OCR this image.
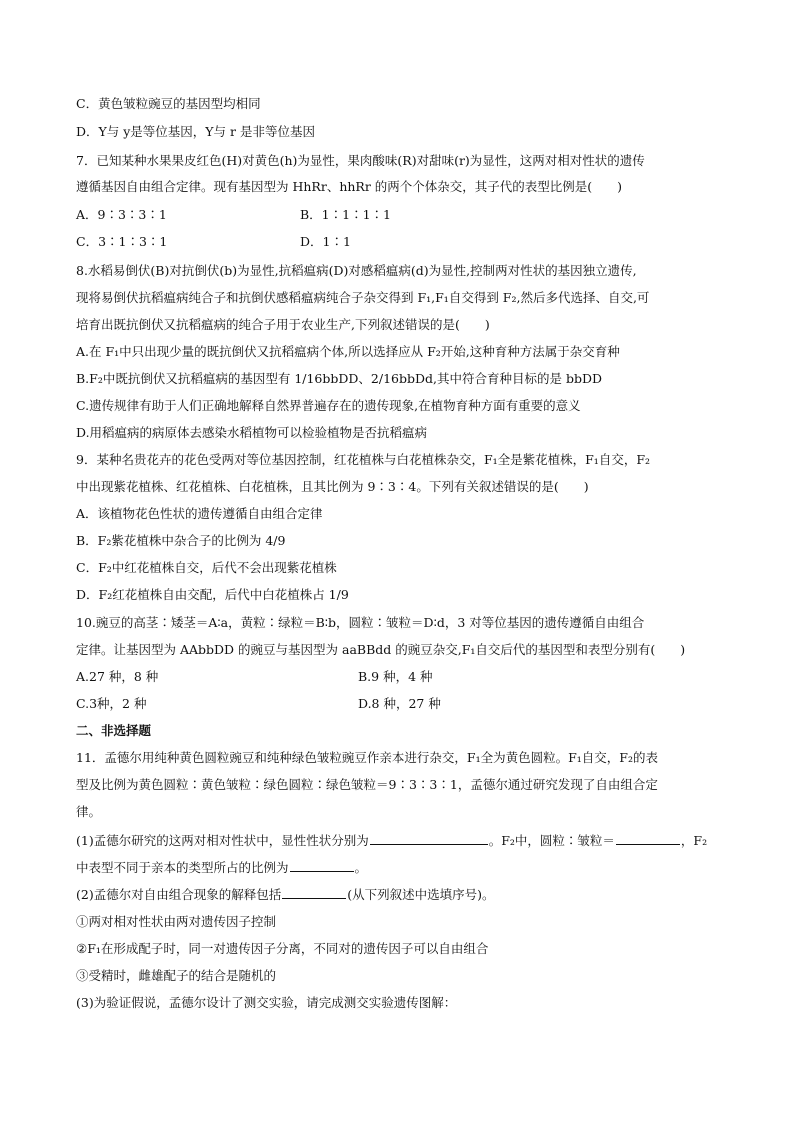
C．黄色皱粒豌豆的基因型均相同
D．Y与 y是等位基因，Y与 r 是非等位基因
7．已知某种水果果皮红色(H)对黄色(h)为显性，果肉酸味(R)对甜味(r)为显性，这两对相对性状的遗传
遵循基因自由组合定律。现有基因型为 HhRr、hhRr 的两个个体杂交，其子代的表型比例是(　　)
A．9∶3∶3∶1	B．1∶1∶1∶1
C．3∶1∶3∶1	D．1∶1
8.水稻易倒伏(B)对抗倒伏(b)为显性,抗稻瘟病(D)对感稻瘟病(d)为显性,控制两对性状的基因独立遗传,
现将易倒伏抗稻瘟病纯合子和抗倒伏感稻瘟病纯合子杂交得到 F₁,F₁自交得到 F₂,然后多代选择、自交,可
培育出既抗倒伏又抗稻瘟病的纯合子用于农业生产,下列叙述错误的是(　　)
A.在 F₁中只出现少量的既抗倒伏又抗稻瘟病个体,所以选择应从 F₂开始,这种育种方法属于杂交育种
B.F₂中既抗倒伏又抗稻瘟病的基因型有 1/16bbDD、2/16bbDd,其中符合育种目标的是 bbDD
C.遗传规律有助于人们正确地解释自然界普遍存在的遗传现象,在植物育种方面有重要的意义
D.用稻瘟病的病原体去感染水稻植物可以检验植物是否抗稻瘟病
9．某种名贵花卉的花色受两对等位基因控制，红花植株与白花植株杂交，F₁全是紫花植株，F₁自交，F₂
中出现紫花植株、红花植株、白花植株，且其比例为 9∶3∶4。下列有关叙述错误的是(　　)
A．该植物花色性状的遗传遵循自由组合定律
B．F₂紫花植株中杂合子的比例为 4/9
C．F₂中红花植株自交，后代不会出现紫花植株
D．F₂红花植株自由交配，后代中白花植株占 1/9
10.豌豆的高茎∶矮茎＝A∶a，黄粒∶绿粒＝B∶b，圆粒∶皱粒＝D∶d，3 对等位基因的遗传遵循自由组合
定律。让基因型为 AAbbDD 的豌豆与基因型为 aaBBdd 的豌豆杂交,F₁自交后代的基因型和表型分别有(　　)
A.27 种，8 种	B.9 种，4 种
C.3种，2 种	D.8 种，27 种
二、非选择题
11．孟德尔用纯种黄色圆粒豌豆和纯种绿色皱粒豌豆作亲本进行杂交，F₁全为黄色圆粒。F₁自交，F₂的表
型及比例为黄色圆粒∶黄色皱粒∶绿色圆粒∶绿色皱粒＝9∶3∶3∶1，孟德尔通过研究发现了自由组合定
律。
(1)孟德尔研究的这两对相对性状中，显性性状分别为	。F₂中，圆粒∶皱粒＝	，F₂
中表型不同于亲本的类型所占的比例为	。
(2)孟德尔对自由组合现象的解释包括	(从下列叙述中选填序号)。
①两对相对性状由两对遗传因子控制
②F₁在形成配子时，同一对遗传因子分离，不同对的遗传因子可以自由组合
③受精时，雌雄配子的结合是随机的
(3)为验证假说，孟德尔设计了测交实验，请完成测交实验遗传图解：
